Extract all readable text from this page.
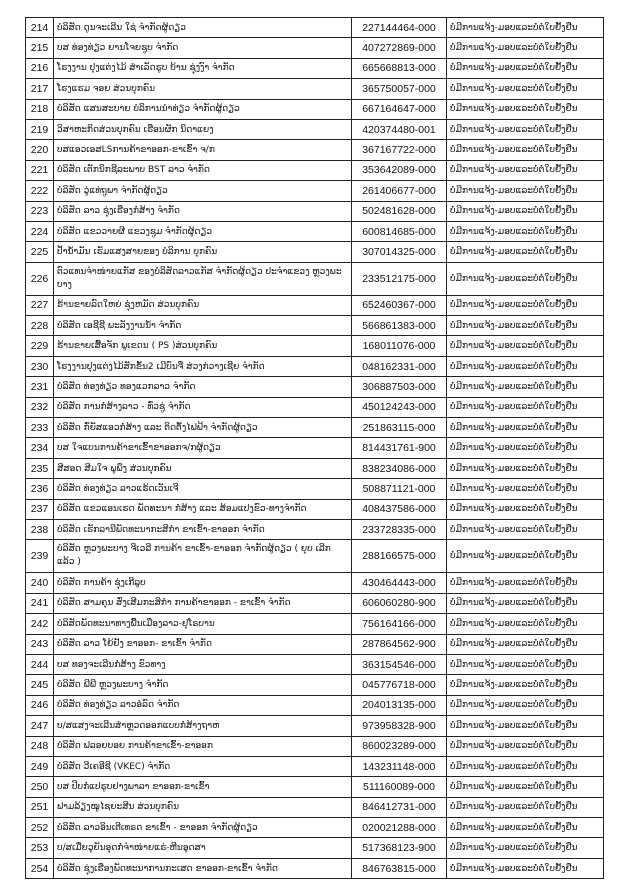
214	ບໍລິສັດ ດູນຈະເລີນ ໃຊ່ ຈຳກັດຜູ້ດຽວ	227144464-000	ບໍ່ມີການແຈ້ງ-ມອບແລະບໍ່ຕໍ່ໃບຢັ້ງຢືນ
215	ບສ ທ່ອງທ່ຽວ ຍານໂຈຍຊູບ ຈຳກັດ	407272869-000	ບໍ່ມີການແຈ້ງ-ມອບແລະບໍ່ຕໍ່ໃບຢັ້ງຢືນ
216	ໂຮງງານ ປຸງແຕ່ງໄມ້ ສຳເລັດຮູບ ບ້ານ ຊຸ່ງງົາ ຈຳກັດ	665668813-000	ບໍ່ມີການແຈ້ງ-ມອບແລະບໍ່ຕໍ່ໃບຢັ້ງຢືນ
217	ໂຮງແຮມ ຈອຍ ສ່ວນບຸກຄົນ	365750057-000	ບໍ່ມີການແຈ້ງ-ມອບແລະບໍ່ຕໍ່ໃບຢັ້ງຢືນ
218	ບໍລິສັດ ແສນສະບາຍ ບໍລິການນຳທ່ຽວ ຈຳກັດຜູ້ດຽວ	667164647-000	ບໍ່ມີການແຈ້ງ-ມອບແລະບໍ່ຕໍ່ໃບຢັ້ງຢືນ
219	ວິສາຫະກິດສ່ວນບຸກຄົນ ເຮືອນຜັກ ນິດາແຍງ	420374480-001	ບໍ່ມີການແຈ້ງ-ມອບແລະບໍ່ຕໍ່ໃບຢັ້ງຢືນ
220	ບສແອວເອສLSການຄ້າຂາອອກ-ຂາເຂົ້າ ຈ/ກ	367167722-000	ບໍ່ມີການແຈ້ງ-ມອບແລະບໍ່ຕໍ່ໃບຢັ້ງຢືນ
221	ບໍລິສັດ ເຕັກນິກຊີລະພາບ BST ລາວ ຈຳກັດ	353642089-000	ບໍ່ມີການແຈ້ງ-ມອບແລະບໍ່ຕໍ່ໃບຢັ້ງຢືນ
222	ບໍລິສັດ ວູ່ແທ່ຖູພາ ຈຳກັດຜູ້ດຽວ	261406677-000	ບໍ່ມີການແຈ້ງ-ມອບແລະບໍ່ຕໍ່ໃບຢັ້ງຢືນ
223	ບໍລິສັດ ລາວ ຊຸ່ງເຮືອງກໍ່ສ້າງ ຈຳກັດ	502481628-000	ບໍ່ມີການແຈ້ງ-ມອບແລະບໍ່ຕໍ່ໃບຢັ້ງຢືນ
224	ບໍລິສັດ ແຂວວາຍຜີ ແຂວງຊູມ ຈຳກັດຜູ້ດຽວ	600814685-000	ບໍ່ມີການແຈ້ງ-ມອບແລະບໍ່ຕໍ່ໃບຢັ້ງຢືນ
225	ປໍ້ານໍ້າມັນ ເຮັມແສງສາຍຂອງ ບໍລິການ ບຸກຄົນ	307014325-000	ບໍ່ມີການແຈ້ງ-ມອບແລະບໍ່ຕໍ່ໃບຢັ້ງຢືນ
226	ຕົວແທນຈຳໜ່າຍແກັສ ຂອງບໍລິສັດລາວແກັສ ຈຳກັດຜູ້ດຽວ ປະຈຳແຂວງ ຫຼວງພະບາງ	233512175-000	ບໍ່ມີການແຈ້ງ-ມອບແລະບໍ່ຕໍ່ໃບຢັ້ງຢືນ
227	ຮ້ານຂາຍລົດໃຫຍ່ ຊຸ່ງຫມັດ ສ່ວນບຸກຄົນ	652460367-000	ບໍ່ມີການແຈ້ງ-ມອບແລະບໍ່ຕໍ່ໃບຢັ້ງຢືນ
228	ບໍລິສັດ ເອຊີຊີ ພະລັງງານນໍ້າ ຈຳກັດ	566861383-000	ບໍ່ມີການແຈ້ງ-ມອບແລະບໍ່ຕໍ່ໃບຢັ້ງຢືນ
229	ຮ້ານຂາຍເສື້ອຈັກ ພູເຂດນ ( PS )ສ່ວນບຸກຄົນ	168011076-000	ບໍ່ມີການແຈ້ງ-ມອບແລະບໍ່ຕໍ່ໃບຢັ້ງຢືນ
230	ໂຮງງານປຸງແຕ່ງໄມ້ສັກຂັ້ນ2 ເມີບົນຈື ສ່ວງກ່ວາງເຊີຍ ຈຳກັດ	048162331-000	ບໍ່ມີການແຈ້ງ-ມອບແລະບໍ່ຕໍ່ໃບຢັ້ງຢືນ
231	ບໍລິສັດ ທ່ອງທ່ຽວ ທອງແວກລາວ ຈຳກັດ	306887503-000	ບໍ່ມີການແຈ້ງ-ມອບແລະບໍ່ຕໍ່ໃບຢັ້ງຢືນ
232	ບໍລິສັດ ການກໍ່ສ້າງລາວ - ທົ່ວຊູ່ ຈຳກັດ	450124243-000	ບໍ່ມີການແຈ້ງ-ມອບແລະບໍ່ຕໍ່ໃບຢັ້ງຢືນ
233	ບໍລິສັດ ກົ່ຍັສແອວກໍ່ສ້າງ ແລະ ຕິດຕັ້ງໄຟຟ້າ ຈຳກັດຜູ້ດຽວ	251863115-000	ບໍ່ມີການແຈ້ງ-ມອບແລະບໍ່ຕໍ່ໃບຢັ້ງຢືນ
234	ບສ ໃຈແບນການຄ້າຂາເຂົ້າຂາອອກຈ/ກຜູ້ດຽວ	814431761-900	ບໍ່ມີການແຈ້ງ-ມອບແລະບໍ່ຕໍ່ໃບຢັ້ງຢືນ
235	ສີສອດ ສີມໃຈ ພູພຶງ ສ່ວນບຸກຄົນ	838234086-000	ບໍ່ມີການແຈ້ງ-ມອບແລະບໍ່ຕໍ່ໃບຢັ້ງຢືນ
236	ບໍລິສັດ ທ່ອງທ່ຽວ ລາວແຮ້ດເວັນເຈີ	508871121-000	ບໍ່ມີການແຈ້ງ-ມອບແລະບໍ່ຕໍ່ໃບຢັ້ງຢືນ
237	ບໍລິສັດ ແຂວແອນເຮດ ພັດທະນາ ກໍ່ສ້າງ ແລະ ສ້ອມແປງຂົວ-ທາງຈຳກັດ	408437586-000	ບໍ່ມີການແຈ້ງ-ມອບແລະບໍ່ຕໍ່ໃບຢັ້ງຢືນ
238	ບໍລິສັດ ເຮັກລານີພັດທະນາກະສິກຳ ຂາເຂົ້າ-ຂາອອກ ຈຳກັດ	233728335-000	ບໍ່ມີການແຈ້ງ-ມອບແລະບໍ່ຕໍ່ໃບຢັ້ງຢືນ
239	ບໍລິສັດ ຫຼວງພະບາງ ຈີເວລີ ການຄ້າ ຂາເຂົ້າ-ຂາອອກ ຈຳກັດຜູ້ດຽວ ( ຍຸບ ເລີກແລ້ວ )	288166575-000	ບໍ່ມີການແຈ້ງ-ມອບແລະບໍ່ຕໍ່ໃບຢັ້ງຢືນ
240	ບໍລິສັດ ການຄ້າ ຊຸ່ງເກີລູບ	430464443-000	ບໍ່ມີການແຈ້ງ-ມອບແລະບໍ່ຕໍ່ໃບຢັ້ງຢືນ
241	ບໍລິສັດ ສາມຄຸນ ສົ່ງເສີມກະສິກຳ ການຄ້າຂາອອກ - ຂາເຂົ້າ ຈຳກັດ	606060280-900	ບໍ່ມີການແຈ້ງ-ມອບແລະບໍ່ຕໍ່ໃບຢັ້ງຢືນ
242	ບໍລິສັດພັດທະນາທາງພື້ນເມືອງລາວ-ຢຸໂຣບານ	756164166-000	ບໍ່ມີການແຈ້ງ-ມອບແລະບໍ່ຕໍ່ໃບຢັ້ງຢືນ
243	ບໍລິສັດ ລາວ ໂຍ້ຢັງ ຂາອອກ- ຂາເຂົ້າ ຈຳກັດ	287864562-900	ບໍ່ມີການແຈ້ງ-ມອບແລະບໍ່ຕໍ່ໃບຢັ້ງຢືນ
244	ບສ ທອງຈະເລີນກໍ່ສ້າງ ຂົວທາງ	363154546-000	ບໍ່ມີການແຈ້ງ-ມອບແລະບໍ່ຕໍ່ໃບຢັ້ງຢືນ
245	ບໍລິສັດ ພີພີ ຫຼວງພະບາງ ຈຳກັດ	045776718-000	ບໍ່ມີການແຈ້ງ-ມອບແລະບໍ່ຕໍ່ໃບຢັ້ງຢືນ
246	ບໍລິສັດ ທ່ອງທ່ຽວ ລາວອໍລົດ ຈຳກັດ	204013135-000	ບໍ່ມີການແຈ້ງ-ມອບແລະບໍ່ຕໍ່ໃບຢັ້ງຢືນ
247	ບ/ສແສງຈະເລີນສຳຫຼວດອອກແບບກໍ່ສ້າງຖາຫ	973958328-900	ບໍ່ມີການແຈ້ງ-ມອບແລະບໍ່ຕໍ່ໃບຢັ້ງຢືນ
248	ບໍລິສັດ ຟລອຍບອຍ ການຄ້າຂາເຂົ້າ-ຂາອອກ	860023289-000	ບໍ່ມີການແຈ້ງ-ມອບແລະບໍ່ຕໍ່ໃບຢັ້ງຢືນ
249	ບໍລິສັດ ວີເຄອີຊີ (VKEC) ຈຳກັດ	143231148-000	ບໍ່ມີການແຈ້ງ-ມອບແລະບໍ່ຕໍ່ໃບຢັ້ງຢືນ
250	ບສ ປິບກໍ່ແປຮູບຢາງພາລາ ຂາອອກ-ຂາເຂົ້າ	511160089-000	ບໍ່ມີການແຈ້ງ-ມອບແລະບໍ່ຕໍ່ໃບຢັ້ງຢືນ
251	ຟາມລ້ຽງໝູໄຊຍະສີນ ສ່ວນບຸກຄົນ	846412731-000	ບໍ່ມີການແຈ້ງ-ມອບແລະບໍ່ຕໍ່ໃບຢັ້ງຢືນ
252	ບໍລິສັດ ລາວອິນເຕີເທຣດ ຂາເຂົ້າ - ຂາອອກ ຈຳກັດຜູ້ດຽວ	020021288-000	ບໍ່ມີການແຈ້ງ-ມອບແລະບໍ່ຕໍ່ໃບຢັ້ງຢືນ
253	ບ/ສເມື່ຍວູຍັນອຸດກໍ່ຈຳໜ່າຍແຮ່-ຫີນອູດສາ	517368123-900	ບໍ່ມີການແຈ້ງ-ມອບແລະບໍ່ຕໍ່ໃບຢັ້ງຢືນ
254	ບໍລິສັດ ຊຸ່ງເຮືອງພັດທະນາການກະເສດ ຂາອອກ-ຂາເຂົ້າ ຈຳກັດ	846763815-000	ບໍ່ມີການແຈ້ງ-ມອບແລະບໍ່ຕໍ່ໃບຢັ້ງຢືນ
